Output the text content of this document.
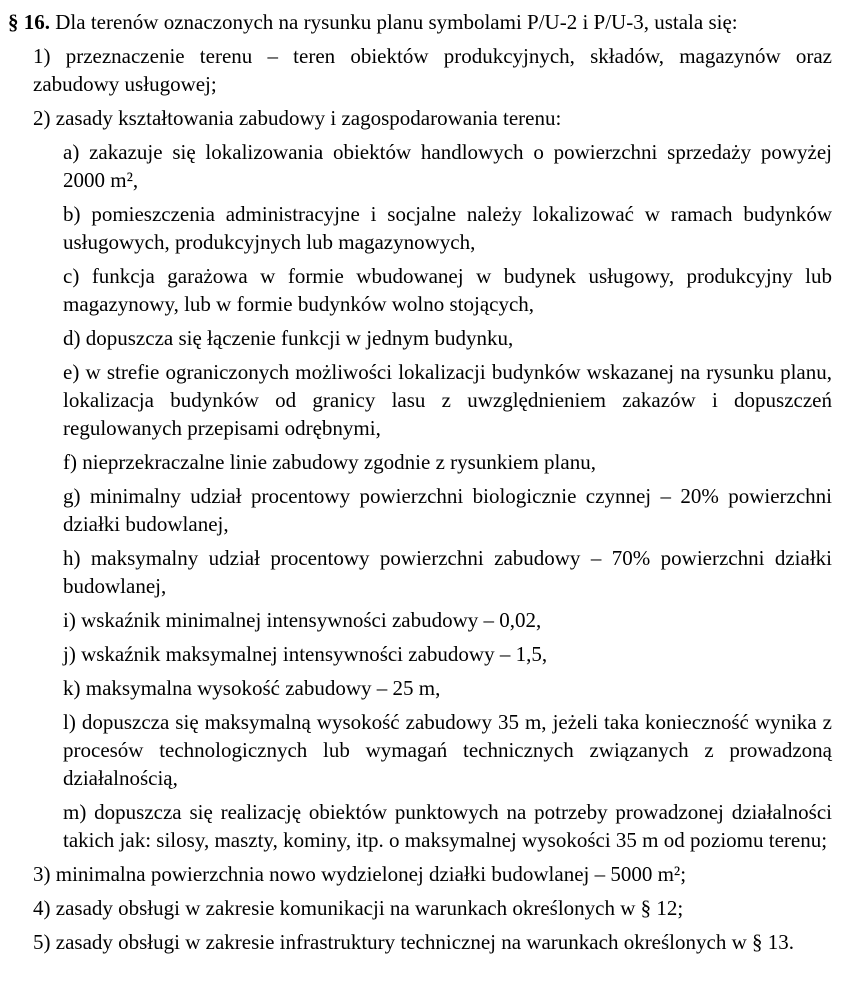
§ 16. Dla terenów oznaczonych na rysunku planu symbolami P/U-2 i P/U-3, ustala się:

1) przeznaczenie terenu – teren obiektów produkcyjnych, składów, magazynów oraz zabudowy usługowej;

2) zasady kształtowania zabudowy i zagospodarowania terenu:

a) zakazuje się lokalizowania obiektów handlowych o powierzchni sprzedaży powyżej 2000 m²,

b) pomieszczenia administracyjne i socjalne należy lokalizować w ramach budynków usługowych, produkcyjnych lub magazynowych,

c) funkcja garażowa w formie wbudowanej w budynek usługowy, produkcyjny lub magazynowy, lub w formie budynków wolno stojących,

d) dopuszcza się łączenie funkcji w jednym budynku,

e) w strefie ograniczonych możliwości lokalizacji budynków wskazanej na rysunku planu, lokalizacja budynków od granicy lasu z uwzględnieniem zakazów i dopuszczeń regulowanych przepisami odrębnymi,

f) nieprzekraczalne linie zabudowy zgodnie z rysunkiem planu,

g) minimalny udział procentowy powierzchni biologicznie czynnej – 20% powierzchni działki budowlanej,

h) maksymalny udział procentowy powierzchni zabudowy – 70% powierzchni działki budowlanej,

i) wskaźnik minimalnej intensywności zabudowy – 0,02,

j) wskaźnik maksymalnej intensywności zabudowy – 1,5,

k) maksymalna wysokość zabudowy – 25 m,

l) dopuszcza się maksymalną wysokość zabudowy 35 m, jeżeli taka konieczność wynika z procesów technologicznych lub wymagań technicznych związanych z prowadzoną działalnością,

m) dopuszcza się realizację obiektów punktowych na potrzeby prowadzonej działalności takich jak: silosy, maszty, kominy, itp. o maksymalnej wysokości 35 m od poziomu terenu;

3) minimalna powierzchnia nowo wydzielonej działki budowlanej – 5000 m²;

4) zasady obsługi w zakresie komunikacji na warunkach określonych w § 12;

5) zasady obsługi w zakresie infrastruktury technicznej na warunkach określonych w § 13.
